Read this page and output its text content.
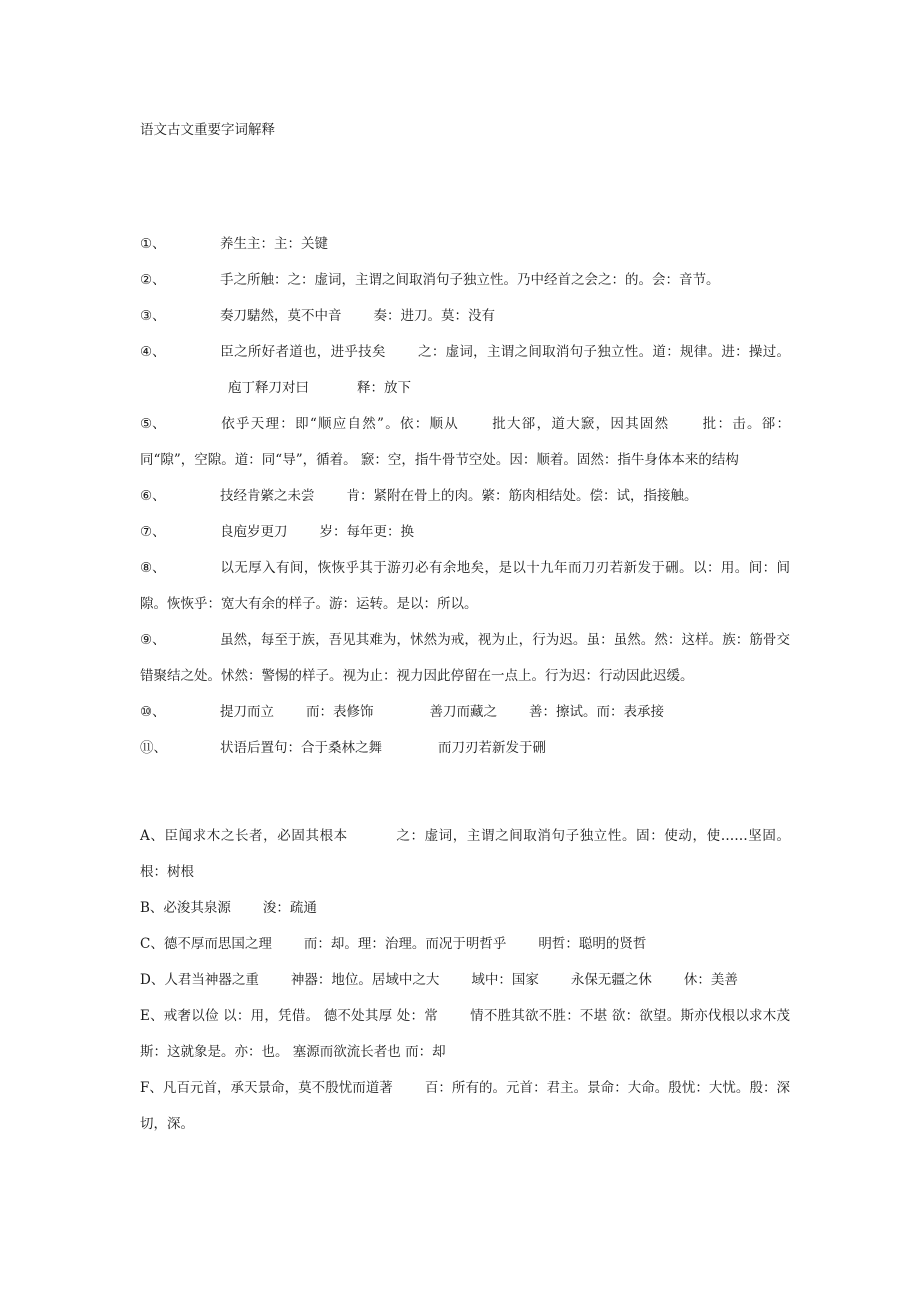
语文古文重要字词解释

①、	养生主：主：关键

②、	手之所触：之：虚词，主谓之间取消句子独立性。乃中经首之会之：的。会：音节。

③、	奏刀騞然，莫不中音 奏：进刀。莫：没有

④、	臣之所好者道也，进乎技矣 之：虚词，主谓之间取消句子独立性。道：规律。进：操过。庖丁释刀对曰	释：放下

⑤、	依乎天理：即“顺应自然”。依：顺从 批大郤，道大窾，因其固然 批：击。郤：同“隙”，空隙。道：同“导”，循着。 窾：空，指牛骨节空处。因：顺着。固然：指牛身体本来的结构

⑥、	技经肯綮之未尝 肯：紧附在骨上的肉。綮：筋肉相结处。偿：试，指接触。

⑦、	良庖岁更刀 岁：每年更：换

⑧、	以无厚入有间，恢恢乎其于游刃必有余地矣，是以十九年而刀刃若新发于硎。以：用。间：间隙。恢恢乎：宽大有余的样子。游：运转。是以：所以。

⑨、	虽然，每至于族，吾见其难为，怵然为戒，视为止，行为迟。虽：虽然。然：这样。族：筋骨交错聚结之处。怵然：警惕的样子。视为止：视力因此停留在一点上。行为迟：行动因此迟缓。

⑩、	提刀而立 而：表修饰	善刀而藏之 善：擦试。而：表承接

⑪、	状语后置句：合于桑林之舞	而刀刃若新发于硎

A、臣闻求木之长者，必固其根本	之：虚词，主谓之间取消句子独立性。固：使动，使……坚固。根：树根

B、必浚其泉源 浚：疏通

C、德不厚而思国之理 而：却。理：治理。而况于明哲乎 明哲：聪明的贤哲

D、人君当神器之重 神器：地位。居域中之大 域中：国家 永保无疆之休 休：美善

E、戒奢以俭 以：用，凭借。 德不处其厚 处：常 情不胜其欲不胜：不堪 欲：欲望。斯亦伐根以求木茂斯：这就象是。亦：也。 塞源而欲流长者也 而：却

F、凡百元首，承天景命，莫不殷忧而道著 百：所有的。元首：君主。景命：大命。殷忧：大忧。殷：深切，深。
